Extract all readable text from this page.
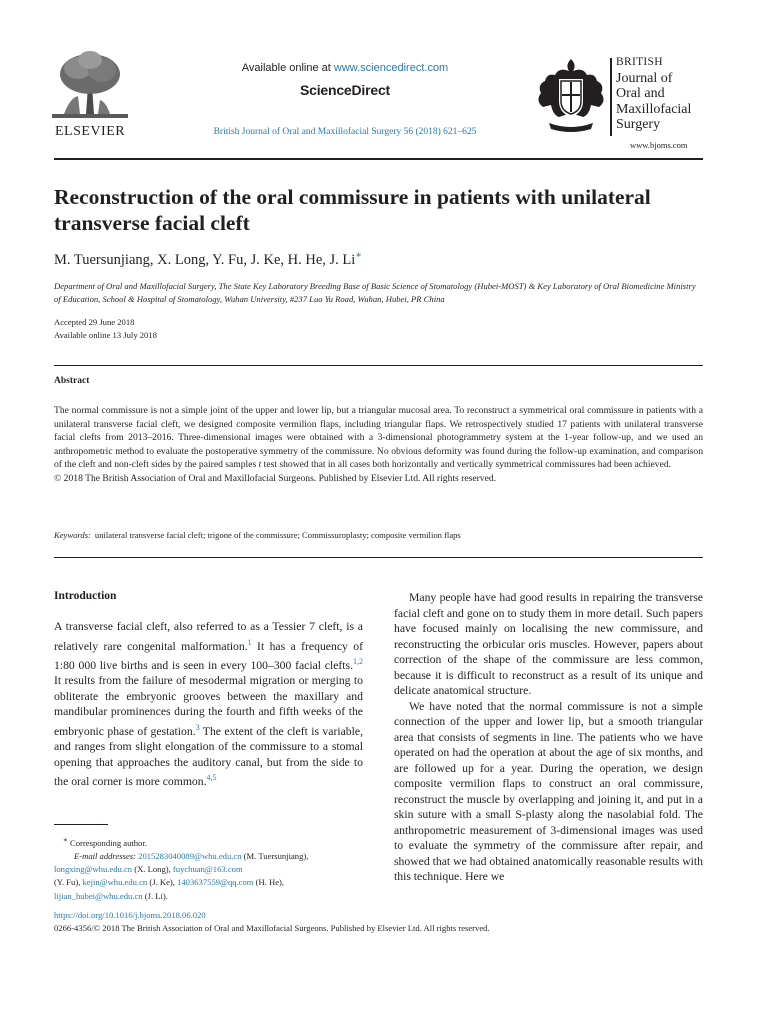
ELSEVIER
Available online at www.sciencedirect.com
ScienceDirect
British Journal of Oral and Maxillofacial Surgery 56 (2018) 621–625
BRITISH
Journal of
Oral and
Maxillofacial
Surgery
www.bjoms.com
Reconstruction of the oral commissure in patients with unilateral transverse facial cleft
M. Tuersunjiang, X. Long, Y. Fu, J. Ke, H. He, J. Li∗
Department of Oral and Maxillofacial Surgery, The State Key Laboratory Breeding Base of Basic Science of Stomatology (Hubei-MOST) & Key Laboratory of Oral Biomedicine Ministry of Education, School & Hospital of Stomatology, Wuhan University, #237 Luo Yu Road, Wuhan, Hubei, PR China
Accepted 29 June 2018
Available online 13 July 2018
Abstract
The normal commissure is not a simple joint of the upper and lower lip, but a triangular mucosal area. To reconstruct a symmetrical oral commissure in patients with a unilateral transverse facial cleft, we designed composite vermilion flaps, including triangular flaps. We retrospectively studied 17 patients with unilateral transverse facial clefts from 2013–2016. Three-dimensional images were obtained with a 3-dimensional photogrammetry system at the 1-year follow-up, and we used an anthropometric method to evaluate the postoperative symmetry of the commissure. No obvious deformity was found during the follow-up examination, and comparison of the cleft and non-cleft sides by the paired samples t test showed that in all cases both horizontally and vertically symmetrical commissures had been achieved.
© 2018 The British Association of Oral and Maxillofacial Surgeons. Published by Elsevier Ltd. All rights reserved.
Keywords: unilateral transverse facial cleft; trigone of the commissure; Commissuroplasty; composite vermilion flaps
Introduction

A transverse facial cleft, also referred to as a Tessier 7 cleft, is a relatively rare congenital malformation.$^1$ It has a frequency of 1:80 000 live births and is seen in every 100–300 facial clefts.$^{1,2}$ It results from the failure of mesodermal migration or merging to obliterate the embryonic grooves between the maxillary and mandibular prominences during the fourth and fifth weeks of the embryonic phase of gestation.$^3$ The extent of the cleft is variable, and ranges from slight elongation of the commissure to a stomal opening that approaches the auditory canal, but from the side to the oral corner is more common.$^{4,5}$

Many people have had good results in repairing the transverse facial cleft and gone on to study them in more detail. Such papers have focused mainly on localising the new commissure, and reconstructing the orbicular oris muscles. However, papers about correction of the shape of the commissure are less common, because it is difficult to reconstruct as a result of its unique and delicate anatomical structure.

We have noted that the normal commissure is not a simple connection of the upper and lower lip, but a smooth triangular area that consists of segments in line. The patients who we have operated on had the operation at about the age of six months, and are followed up for a year. During the operation, we design composite vermilion flaps to construct an oral commissure, reconstruct the muscle by overlapping and joining it, and put in a skin suture with a small S-plasty along the nasolabial fold. The anthropometric measurement of 3-dimensional images was used to evaluate the symmetry of the commissure after repair, and showed that we had obtained anatomically reasonable results with this technique. Here we

∗ Corresponding author.
E-mail addresses: 2015283040089@whu.edu.cn (M. Tuersunjiang),
longxing@whu.edu.cn (X. Long), fuychuan@163.com
(Y. Fu), kejin@whu.edu.cn (J. Ke), 1403637559@qq.com (H. He),
lijian_hubei@whu.edu.cn (J. Li).
https://doi.org/10.1016/j.bjoms.2018.06.020
0266-4356/© 2018 The British Association of Oral and Maxillofacial Surgeons. Published by Elsevier Ltd. All rights reserved.
